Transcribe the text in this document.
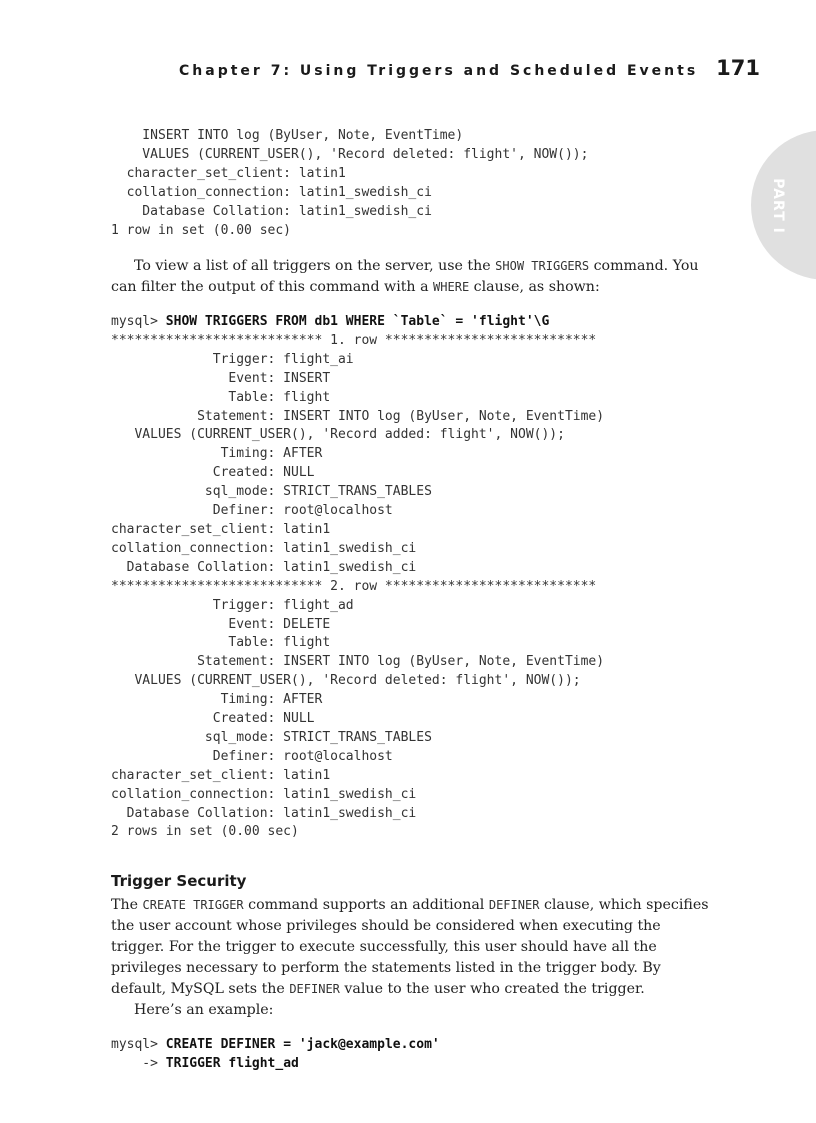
Chapter 7: Using Triggers and Scheduled Events 171
PART I
INSERT INTO log (ByUser, Note, EventTime)
VALUES (CURRENT_USER(), 'Record deleted: flight', NOW());
character_set_client: latin1
collation_connection: latin1_swedish_ci
Database Collation: latin1_swedish_ci
1 row in set (0.00 sec)

To view a list of all triggers on the server, use the SHOW TRIGGERS command. You can filter the output of this command with a WHERE clause, as shown:

mysql> SHOW TRIGGERS FROM db1 WHERE `Table` = 'flight'\G
*************************** 1. row ***************************
Trigger: flight_ai
Event: INSERT
Table: flight
Statement: INSERT INTO log (ByUser, Note, EventTime)
VALUES (CURRENT_USER(), 'Record added: flight', NOW());
Timing: AFTER
Created: NULL
sql_mode: STRICT_TRANS_TABLES
Definer: root@localhost
character_set_client: latin1
collation_connection: latin1_swedish_ci
Database Collation: latin1_swedish_ci
*************************** 2. row ***************************
Trigger: flight_ad
Event: DELETE
Table: flight
Statement: INSERT INTO log (ByUser, Note, EventTime)
VALUES (CURRENT_USER(), 'Record deleted: flight', NOW());
Timing: AFTER
Created: NULL
sql_mode: STRICT_TRANS_TABLES
Definer: root@localhost
character_set_client: latin1
collation_connection: latin1_swedish_ci
Database Collation: latin1_swedish_ci
2 rows in set (0.00 sec)
Trigger Security

The CREATE TRIGGER command supports an additional DEFINER clause, which specifies the user account whose privileges should be considered when executing the trigger. For the trigger to execute successfully, this user should have all the privileges necessary to perform the statements listed in the trigger body. By default, MySQL sets the DEFINER value to the user who created the trigger.

Here’s an example:

mysql> CREATE DEFINER = 'jack@example.com'
-> TRIGGER flight_ad
